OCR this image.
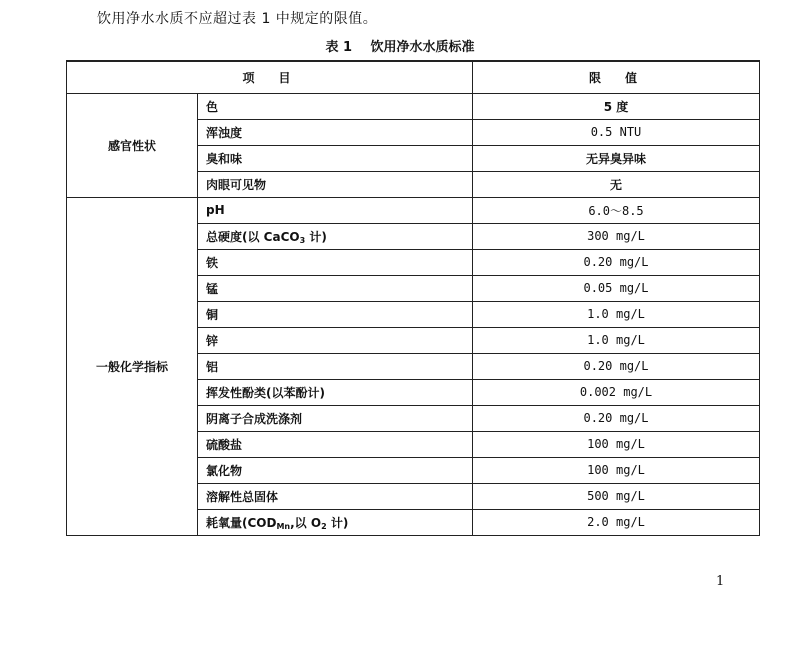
饮用净水水质不应超过表 1 中规定的限值。
表 1 饮用净水水质标准
项　目		限　值
感官性状	色	5 度
	浑浊度	0.5 NTU
	臭和味	无异臭异味
	肉眼可见物	无
一般化学指标	pH	6.0～8.5
	总硬度(以 CaCO$_3$ 计)	300 mg/L
	铁	0.20 mg/L
	锰	0.05 mg/L
	铜	1.0 mg/L
	锌	1.0 mg/L
	铝	0.20 mg/L
	挥发性酚类(以苯酚计)	0.002 mg/L
	阴离子合成洗涤剂	0.20 mg/L
	硫酸盐	100 mg/L
	氯化物	100 mg/L
	溶解性总固体	500 mg/L
	耗氧量($COD_{Mn}$,以 $O_2$ 计)	2.0 mg/L
1
